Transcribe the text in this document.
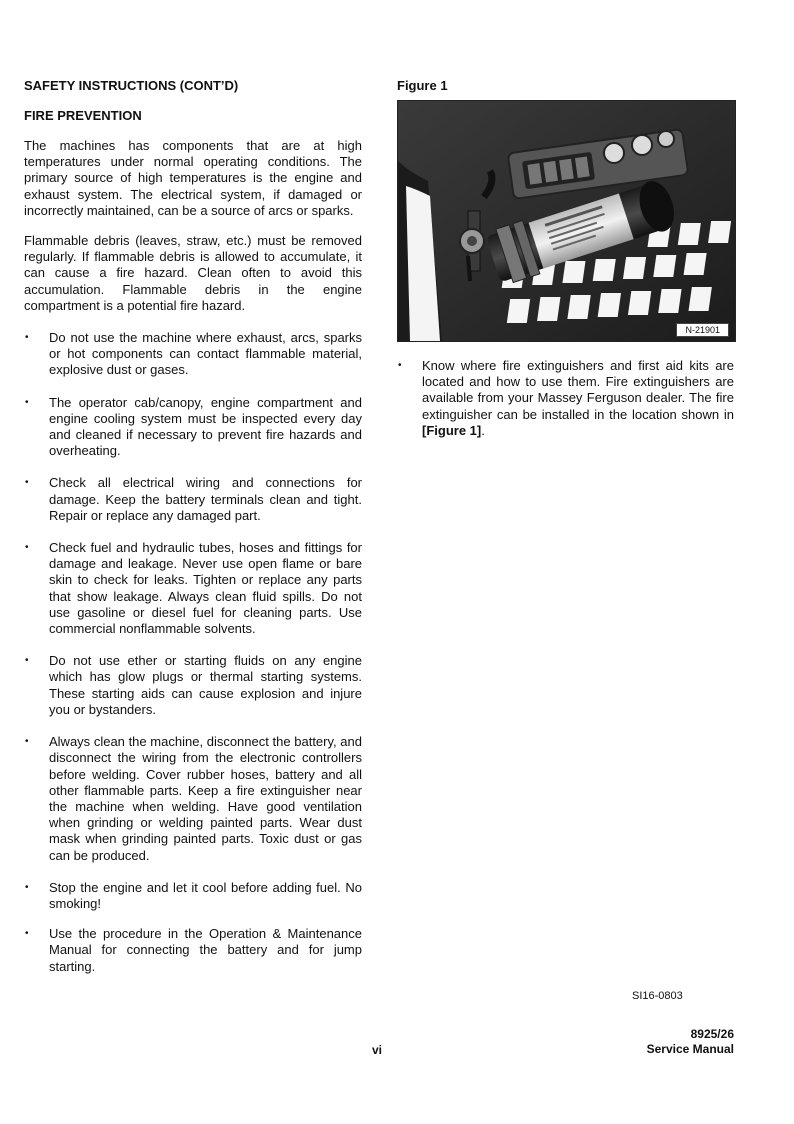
SAFETY INSTRUCTIONS (CONT’D)
FIRE PREVENTION

The machines has components that are at high temperatures under normal operating conditions. The primary source of high temperatures is the engine and exhaust system. The electrical system, if damaged or incorrectly maintained, can be a source of arcs or sparks.

Flammable debris (leaves, straw, etc.) must be removed regularly. If flammable debris is allowed to accumulate, it can cause a fire hazard. Clean often to avoid this accumulation. Flammable debris in the engine compartment is a potential fire hazard.

• Do not use the machine where exhaust, arcs, sparks or hot components can contact flammable material, explosive dust or gases.
• The operator cab/canopy, engine compartment and engine cooling system must be inspected every day and cleaned if necessary to prevent fire hazards and overheating.
• Check all electrical wiring and connections for damage. Keep the battery terminals clean and tight. Repair or replace any damaged part.
• Check fuel and hydraulic tubes, hoses and fittings for damage and leakage. Never use open flame or bare skin to check for leaks. Tighten or replace any parts that show leakage. Always clean fluid spills. Do not use gasoline or diesel fuel for cleaning parts. Use commercial nonflammable solvents.
• Do not use ether or starting fluids on any engine which has glow plugs or thermal starting systems. These starting aids can cause explosion and injure you or bystanders.
• Always clean the machine, disconnect the battery, and disconnect the wiring from the electronic controllers before welding. Cover rubber hoses, battery and all other flammable parts. Keep a fire extinguisher near the machine when welding. Have good ventilation when grinding or welding painted parts. Wear dust mask when grinding painted parts. Toxic dust or gas can be produced.
• Stop the engine and let it cool before adding fuel. No smoking!
• Use the procedure in the Operation & Maintenance Manual for connecting the battery and for jump starting.
Figure 1
N-21901
• Know where fire extinguishers and first aid kits are located and how to use them. Fire extinguishers are available from your Massey Ferguson dealer. The fire extinguisher can be installed in the location shown in [Figure 1].
SI16-0803
vi
8925/26
Service Manual
